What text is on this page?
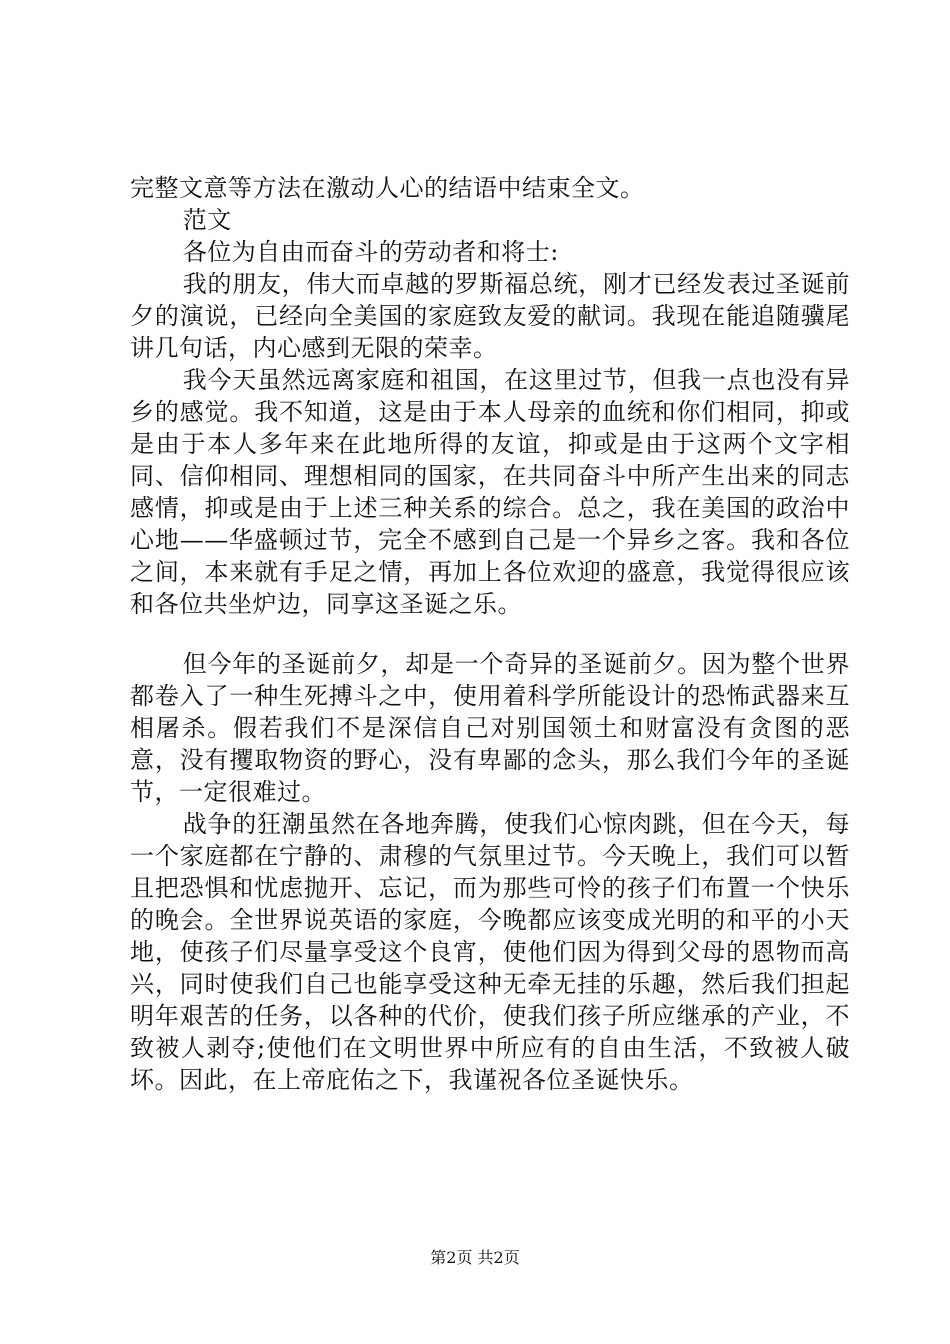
完整文意等方法在激动人心的结语中结束全文。

范文

各位为自由而奋斗的劳动者和将士:

我的朋友，伟大而卓越的罗斯福总统，刚才已经发表过圣诞前夕的演说，已经向全美国的家庭致友爱的献词。我现在能追随骥尾讲几句话，内心感到无限的荣幸。

我今天虽然远离家庭和祖国，在这里过节，但我一点也没有异乡的感觉。我不知道，这是由于本人母亲的血统和你们相同，抑或是由于本人多年来在此地所得的友谊，抑或是由于这两个文字相同、信仰相同、理想相同的国家，在共同奋斗中所产生出来的同志感情，抑或是由于上述三种关系的综合。总之，我在美国的政治中心地——华盛顿过节，完全不感到自己是一个异乡之客。我和各位之间，本来就有手足之情，再加上各位欢迎的盛意，我觉得很应该和各位共坐炉边，同享这圣诞之乐。

但今年的圣诞前夕，却是一个奇异的圣诞前夕。因为整个世界都卷入了一种生死搏斗之中，使用着科学所能设计的恐怖武器来互相屠杀。假若我们不是深信自己对别国领土和财富没有贪图的恶意，没有攫取物资的野心，没有卑鄙的念头，那么我们今年的圣诞节，一定很难过。

战争的狂潮虽然在各地奔腾，使我们心惊肉跳，但在今天，每一个家庭都在宁静的、肃穆的气氛里过节。今天晚上，我们可以暂且把恐惧和忧虑抛开、忘记，而为那些可怜的孩子们布置一个快乐的晚会。全世界说英语的家庭，今晚都应该变成光明的和平的小天地，使孩子们尽量享受这个良宵，使他们因为得到父母的恩物而高兴，同时使我们自己也能享受这种无牵无挂的乐趣，然后我们担起明年艰苦的任务，以各种的代价，使我们孩子所应继承的产业，不致被人剥夺;使他们在文明世界中所应有的自由生活，不致被人破坏。因此，在上帝庇佑之下，我谨祝各位圣诞快乐。

第2页 共2页
